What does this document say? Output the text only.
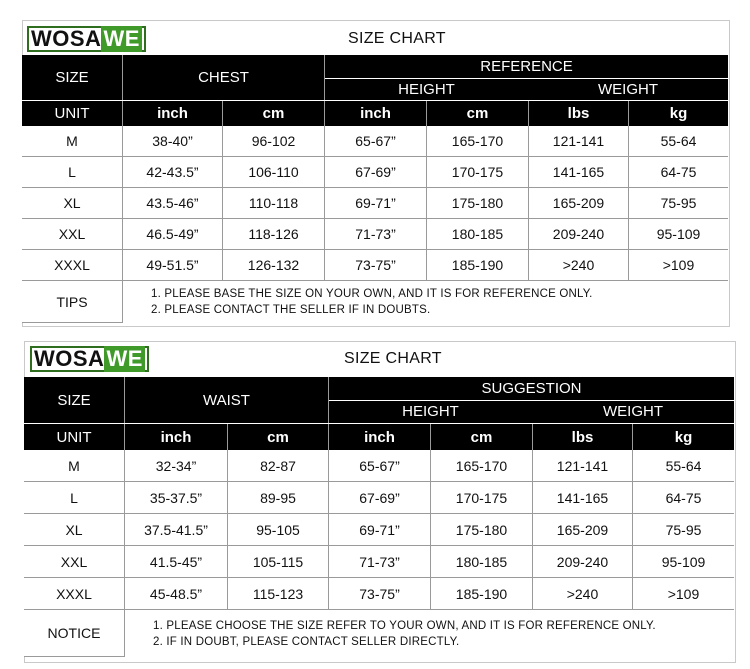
WOSA WE	SIZE CHART
SIZE	CHEST
REFERENCE
HEIGHT	WEIGHT
UNIT	inch	cm	inch	cm	lbs	kg
M	38-40”	96-102	65-67”	165-170	121-141	55-64
L	42-43.5”	106-110	67-69”	170-175	141-165	64-75
XL	43.5-46”	110-118	69-71”	175-180	165-209	75-95
XXL	46.5-49”	118-126	71-73”	180-185	209-240	95-109
XXXL	49-51.5”	126-132	73-75”	185-190	>240	>109
TIPS	1. PLEASE BASE THE SIZE ON YOUR OWN, AND IT IS FOR REFERENCE ONLY.
2. PLEASE CONTACT THE SELLER IF IN DOUBTS.
WOSA WE	SIZE CHART
SIZE	WAIST
SUGGESTION
HEIGHT	WEIGHT
UNIT	inch	cm	inch	cm	lbs	kg
M	32-34”	82-87	65-67”	165-170	121-141	55-64
L	35-37.5”	89-95	67-69”	170-175	141-165	64-75
XL	37.5-41.5”	95-105	69-71”	175-180	165-209	75-95
XXL	41.5-45”	105-115	71-73”	180-185	209-240	95-109
XXXL	45-48.5”	115-123	73-75”	185-190	>240	>109
NOTICE	1. PLEASE CHOOSE THE SIZE REFER TO YOUR OWN, AND IT IS FOR REFERENCE ONLY.
2. IF IN DOUBT, PLEASE CONTACT SELLER DIRECTLY.
